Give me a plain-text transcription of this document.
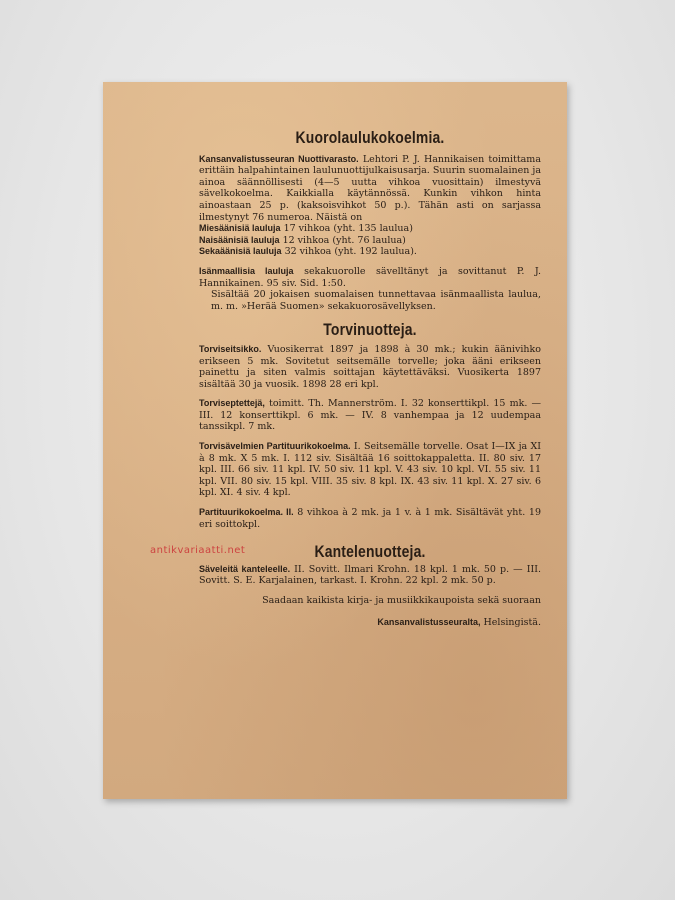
Kuorolaulukokoelmia.
Kansanvalistusseuran Nuottivarasto. Lehtori P. J. Hannikaisen toimittama erittäin halpahintainen laulunuottijulkaisusarja. Suurin suomalainen ja ainoa säännöllisesti (4—5 uutta vihkoa vuosittain) ilmestyvä sävelkokoelma. Kaikkialla käytännössä. Kunkin vihkon hinta ainoastaan 25 p. (kaksoisvihkot 50 p.). Tähän asti on sarjassa ilmestynyt 76 numeroa. Näistä on
Miesäänisiä lauluja 17 vihkoa (yht. 135 laulua)
Naisäänisiä lauluja 12 vihkoa (yht. 76 laulua)
Sekaäänisiä lauluja 32 vihkoa (yht. 192 laulua).
Isänmaallisia lauluja sekakuorolle sävelltänyt ja sovittanut P. J. Hannikainen. 95 siv. Sid. 1:50.
Sisältää 20 jokaisen suomalaisen tunnettavaa isänmaallista laulua, m. m. »Herää Suomen» sekakuorosävellyksen.
Torvinuotteja.
Torviseitsikko. Vuosikerrat 1897 ja 1898 à 30 mk.; kukin äänivihko erikseen 5 mk. Sovitetut seitsemälle torvelle; joka ääni erikseen painettu ja siten valmis soittajan käytettäväksi. Vuosikerta 1897 sisältää 30 ja vuosik. 1898 28 eri kpl.
Torviseptettejä, toimitt. Th. Mannerström. I. 32 konserttikpl. 15 mk. — III. 12 konserttikpl. 6 mk. — IV. 8 vanhempaa ja 12 uudempaa tanssikpl. 7 mk.
Torvisävelmien Partituurikokoelma. I. Seitsemälle torvelle. Osat I—IX ja XI à 8 mk. X 5 mk. I. 112 siv. Sisältää 16 soittokappaletta. II. 80 siv. 17 kpl. III. 66 siv. 11 kpl. IV. 50 siv. 11 kpl. V. 43 siv. 10 kpl. VI. 55 siv. 11 kpl. VII. 80 siv. 15 kpl. VIII. 35 siv. 8 kpl. IX. 43 siv. 11 kpl. X. 27 siv. 6 kpl. XI. 4 siv. 4 kpl.
Partituurikokoelma. II. 8 vihkoa à 2 mk. ja 1 v. à 1 mk. Sisältävät yht. 19 eri soittokpl.
Kantelenuotteja.
Säveleitä kanteleelle. II. Sovitt. Ilmari Krohn. 18 kpl. 1 mk. 50 p. — III. Sovitt. S. E. Karjalainen, tarkast. I. Krohn. 22 kpl. 2 mk. 50 p.
Saadaan kaikista kirja- ja musiikkikaupoista sekä suoraan
Kansanvalistusseuralta, Helsingistä.
antikvariaatti.net
